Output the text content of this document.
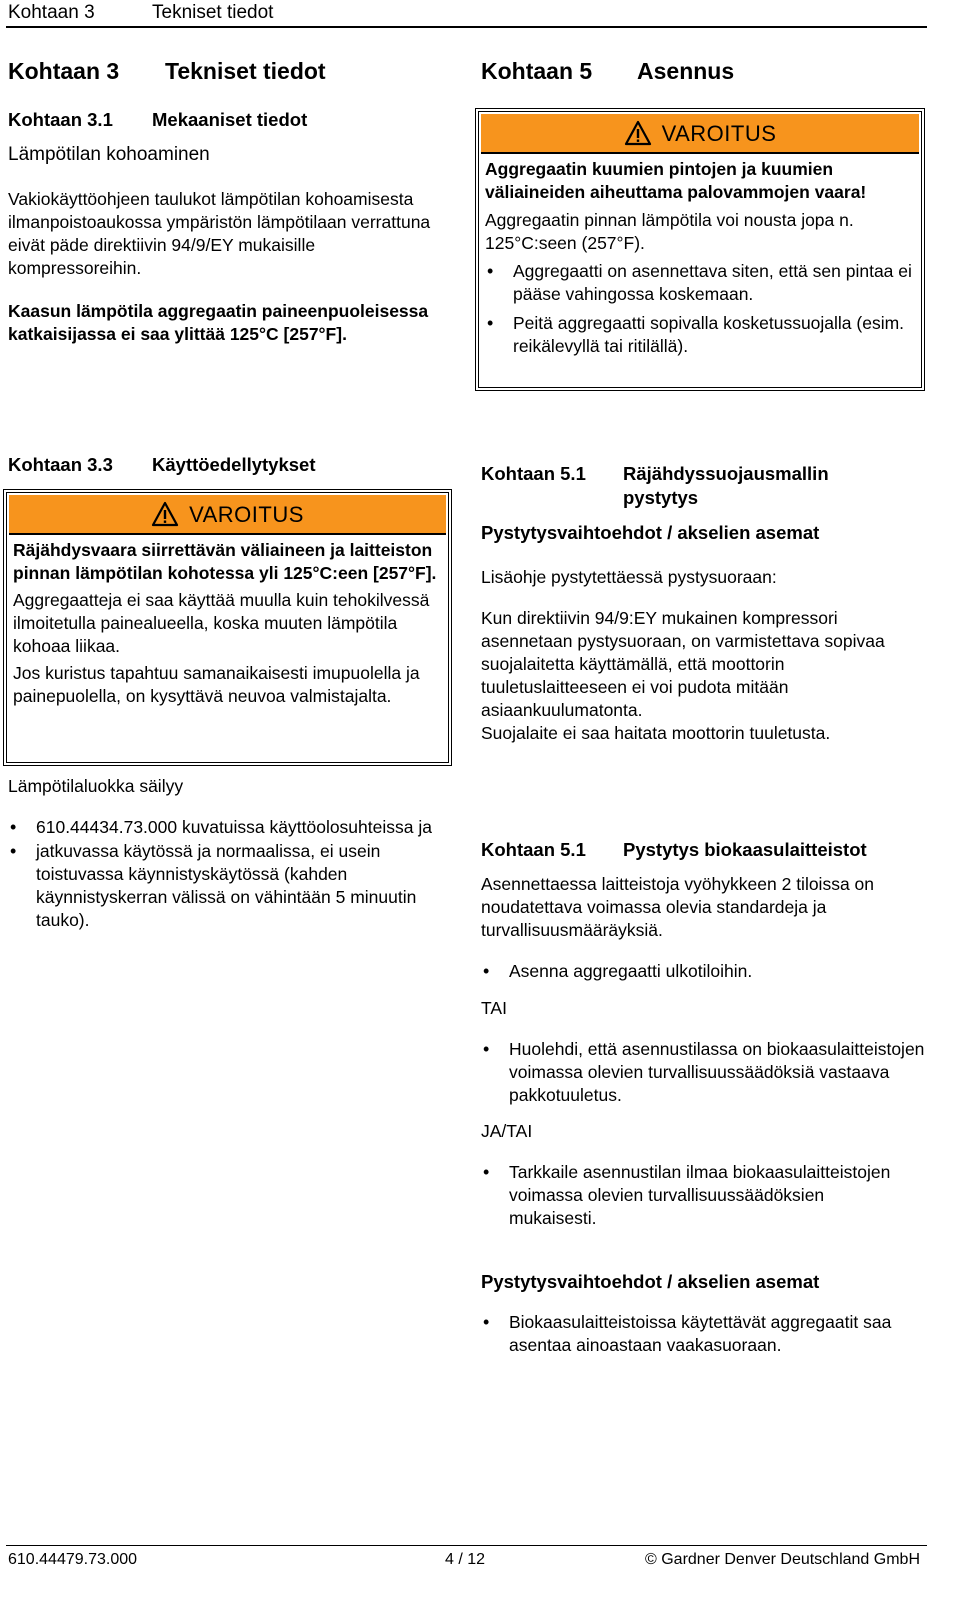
Kohtaan 3	Tekniset tiedot
Kohtaan 3 Tekniset tiedot
Kohtaan 3.1 Mekaaniset tiedot
Lämpötilan kohoaminen

Vakiokäyttöohjeen taulukot lämpötilan kohoamisesta ilmanpoistoaukossa ympäristön lämpötilaan verrattuna eivät päde direktiivin 94/9/EY mukaisille kompressoreihin.

Kaasun lämpötila aggregaatin paineenpuoleisessa katkaisijassa ei saa ylittää 125°C [257°F].

Kohtaan 3.3 Käyttöedellytykset
VAROITUS

Räjähdysvaara siirrettävän väliaineen ja laitteiston pinnan lämpötilan kohotessa yli 125°C:een [257°F].

Aggregaatteja ei saa käyttää muulla kuin tehokilvessä ilmoitetulla painealueella, koska muuten lämpötila kohoaa liikaa.

Jos kuristus tapahtuu samanaikaisesti imupuolella ja painepuolella, on kysyttävä neuvoa valmistajalta.

Lämpötilaluokka säilyy

• 610.44434.73.000 kuvatuissa käyttöolosuhteissa ja
• jatkuvassa käytössä ja normaalissa, ei usein toistuvassa käynnistyskäytössä (kahden käynnistyskerran välissä on vähintään 5 minuutin tauko).
Kohtaan 5 Asennus
VAROITUS

Aggregaatin kuumien pintojen ja kuumien väliaineiden aiheuttama palovammojen vaara!

Aggregaatin pinnan lämpötila voi nousta jopa n. 125°C:seen (257°F).

• Aggregaatti on asennettava siten, että sen pintaa ei pääse vahingossa koskemaan.
• Peitä aggregaatti sopivalla kosketussuojalla (esim. reikälevyllä tai ritilällä).
Kohtaan 5.1 Räjähdyssuojausmallin pystytys
Pystytysvaihtoehdot / akselien asemat

Lisäohje pystytettäessä pystysuoraan:

Kun direktiivin 94/9:EY mukainen kompressori asennetaan pystysuoraan, on varmistettava sopivaa suojalaitetta käyttämällä, että moottorin tuuletuslaitteeseen ei voi pudota mitään asiaankuulumatonta.

Suojalaite ei saa haitata moottorin tuuletusta.

Kohtaan 5.1 Pystytys biokaasulaitteistot

Asennettaessa laitteistoja vyöhykkeen 2 tiloissa on noudatettava voimassa olevia standardeja ja turvallisuusmääräyksiä.

• Asenna aggregaatti ulkotiloihin.

TAI

• Huolehdi, että asennustilassa on biokaasulaitteistojen voimassa olevien turvallisuussäädöksiä vastaava pakkotuuletus.

JA/TAI

• Tarkkaile asennustilan ilmaa biokaasulaitteistojen voimassa olevien turvallisuussäädöksien mukaisesti.
Pystytysvaihtoehdot / akselien asemat
• Biokaasulaitteistoissa käytettävät aggregaatit saa asentaa ainoastaan vaakasuoraan.
610.44479.73.000	4 / 12	© Gardner Denver Deutschland GmbH
